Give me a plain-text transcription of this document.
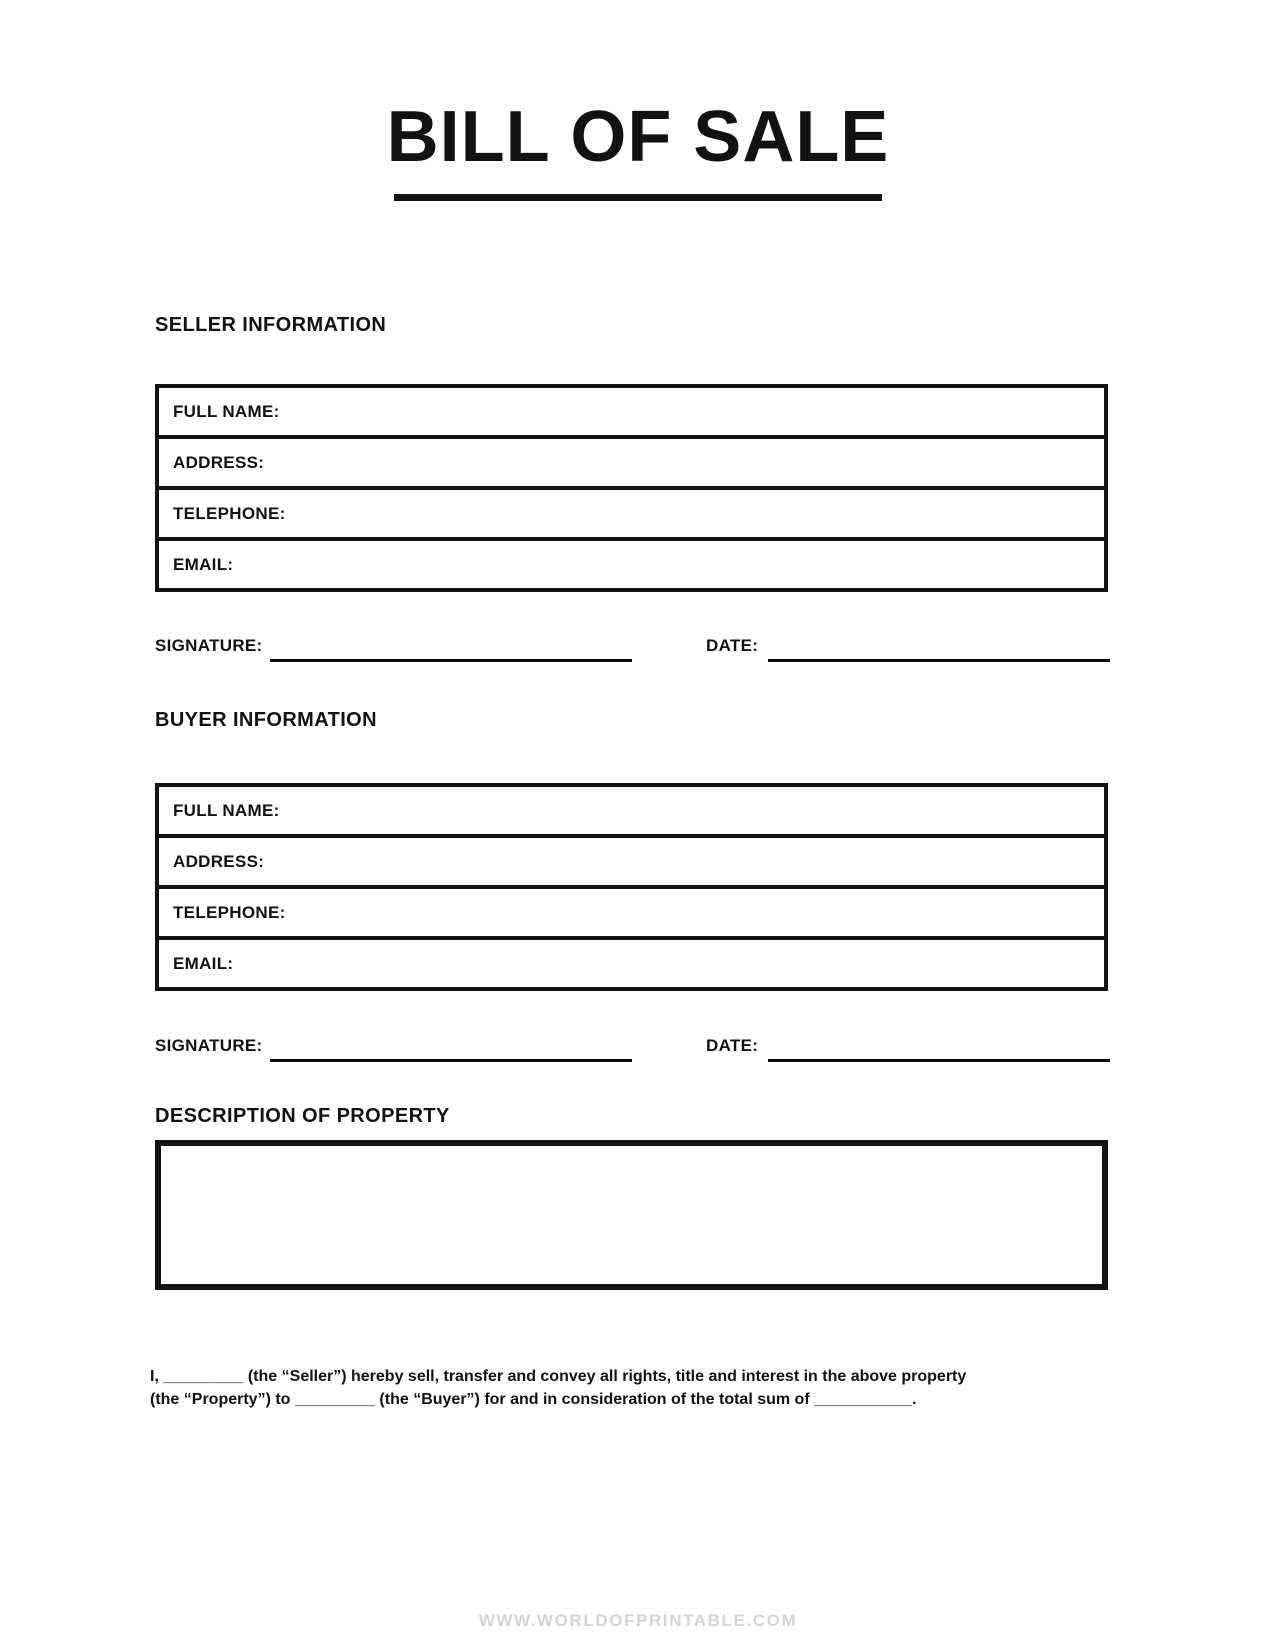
BILL OF SALE
SELLER INFORMATION
FULL NAME:
ADDRESS:
TELEPHONE:
EMAIL:
SIGNATURE:	DATE:
BUYER INFORMATION
FULL NAME:
ADDRESS:
TELEPHONE:
EMAIL:
SIGNATURE:	DATE:
DESCRIPTION OF PROPERTY

I, _________ (the “Seller”) hereby sell, transfer and convey all rights, title and interest in the above property
(the “Property”) to _________ (the “Buyer”) for and in consideration of the total sum of ___________.

WWW.WORLDOFPRINTABLE.COM
